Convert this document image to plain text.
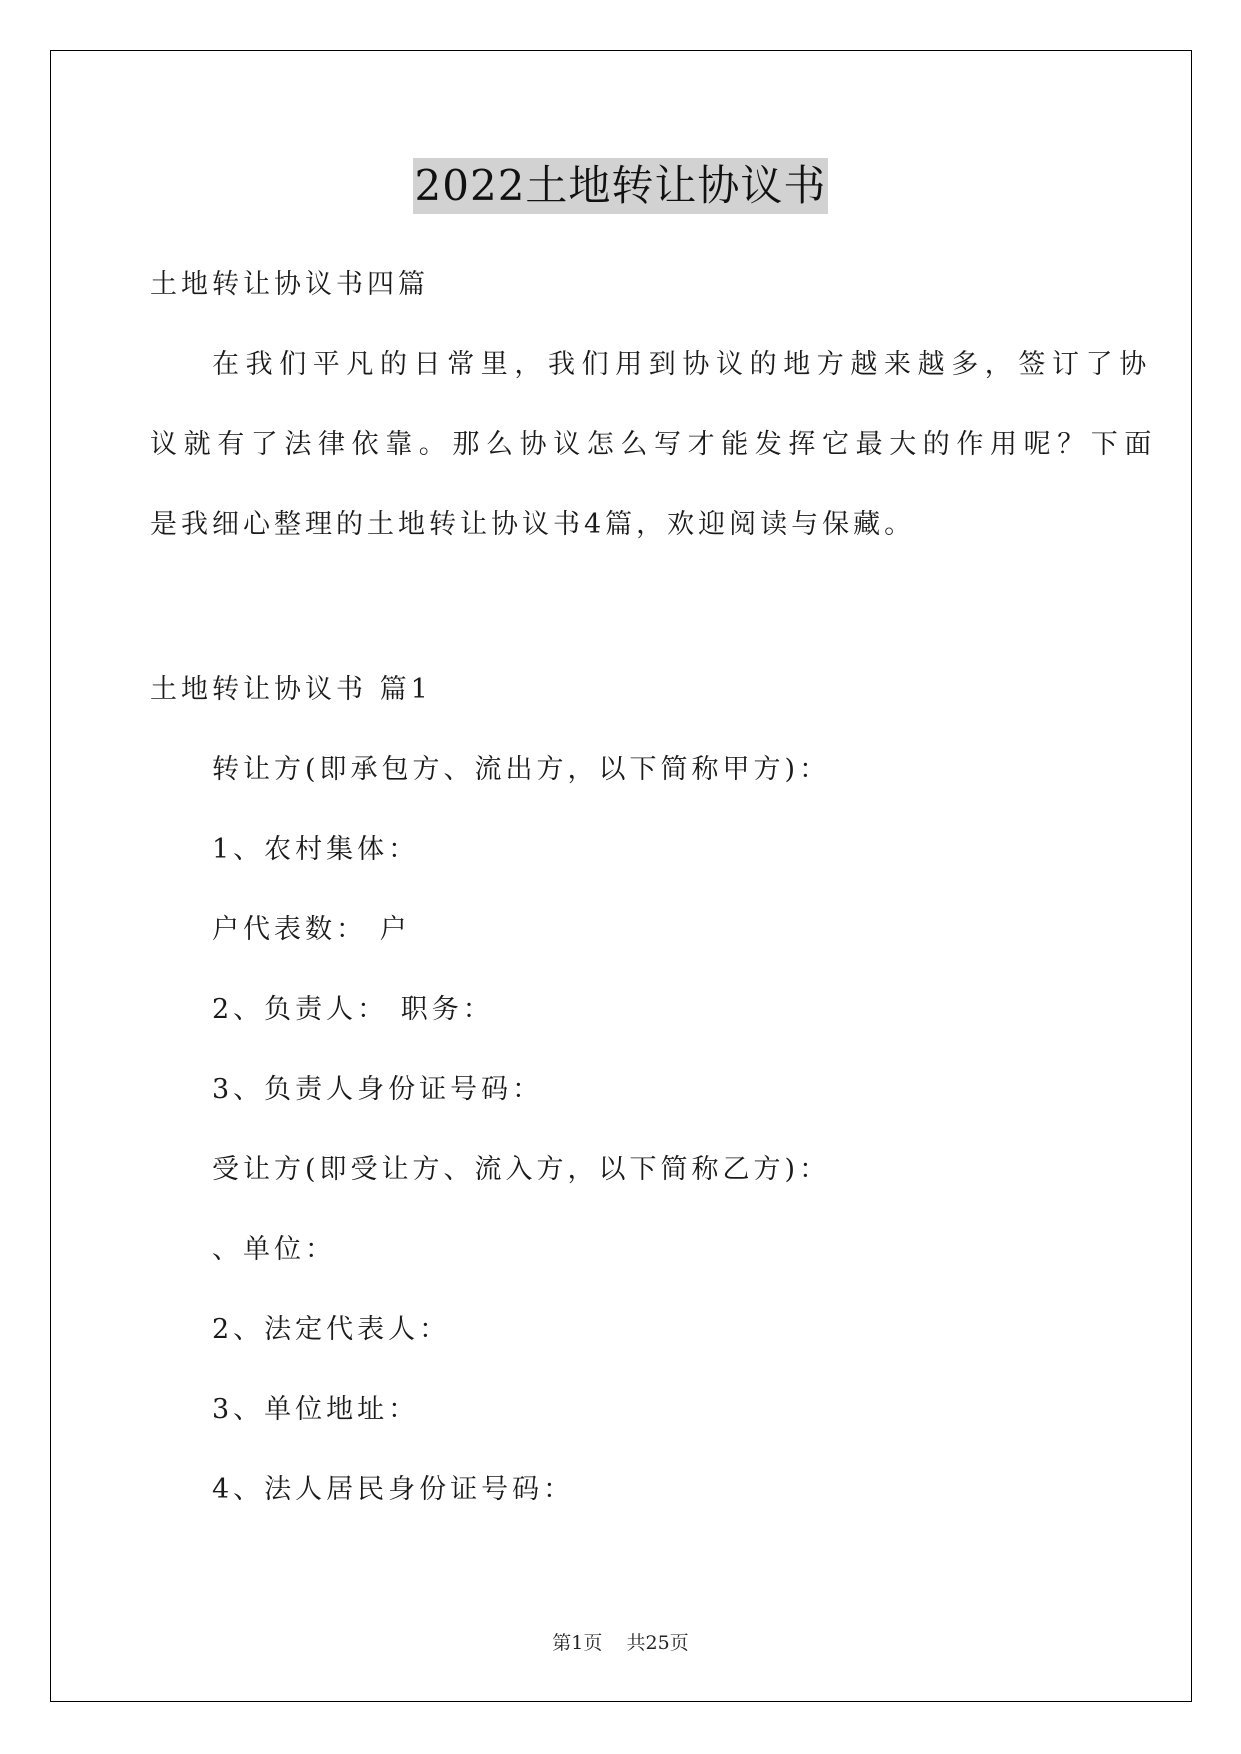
2022土地转让协议书
土地转让协议书四篇
在我们平凡的日常里，我们用到协议的地方越来越多，签订了协
议就有了法律依靠。那么协议怎么写才能发挥它最大的作用呢？下面
是我细心整理的土地转让协议书4篇，欢迎阅读与保藏。
土地转让协议书 篇1
转让方(即承包方、流出方，以下简称甲方)：
1、农村集体：
户代表数： 户
2、负责人： 职务：
3、负责人身份证号码：
受让方(即受让方、流入方，以下简称乙方)：
、单位：
2、法定代表人：
3、单位地址：
4、法人居民身份证号码：
第1页 共25页
